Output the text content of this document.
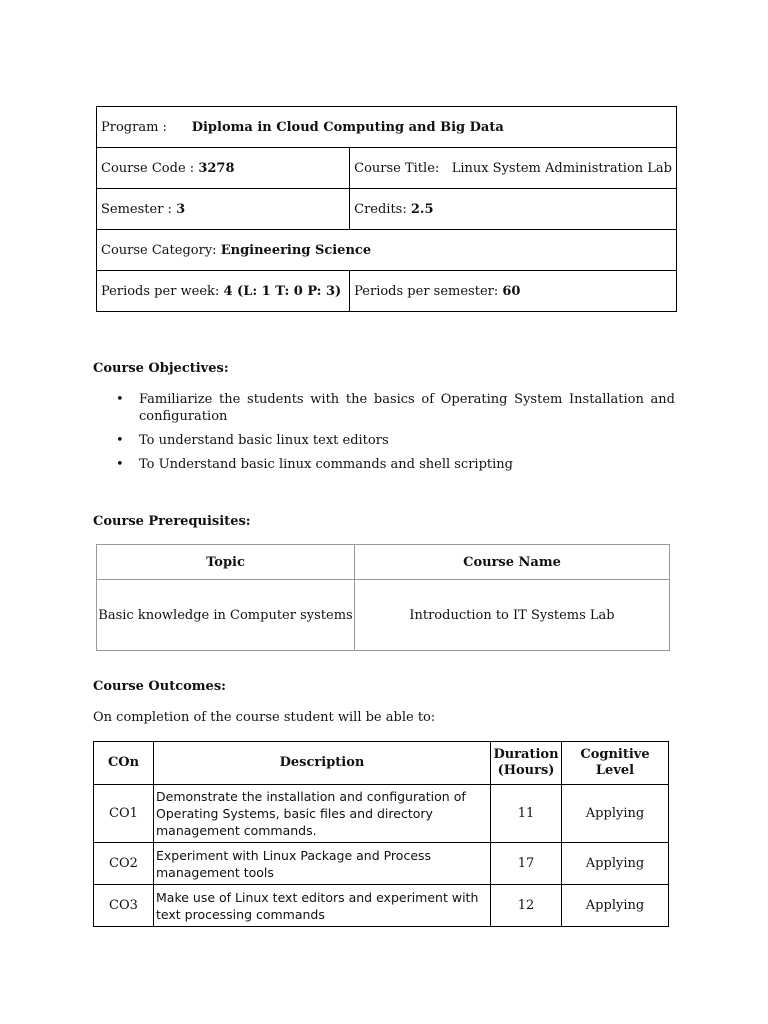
Program : Diploma in Cloud Computing and Big Data	
Course Code : 3278	Course Title: Linux System Administration Lab
Semester : 3	Credits: 2.5
Course Category: Engineering Science	
Periods per week: 4 (L: 1 T: 0 P: 3)	Periods per semester: 60
Course Objectives:
• Familiarize the students with the basics of Operating System Installation and configuration
• To understand basic linux text editors
• To Understand basic linux commands and shell scripting
Course Prerequisites:
Topic	Course Name
Basic knowledge in Computer systems	Introduction to IT Systems Lab
Course Outcomes:
On completion of the course student will be able to:
COn	Description	Duration (Hours)	Cognitive Level
CO1	Demonstrate the installation and configuration of Operating Systems, basic files and directory management commands.	11	Applying
CO2	Experiment with Linux Package and Process management tools	17	Applying
CO3	Make use of Linux text editors and experiment with text processing commands	12	Applying
